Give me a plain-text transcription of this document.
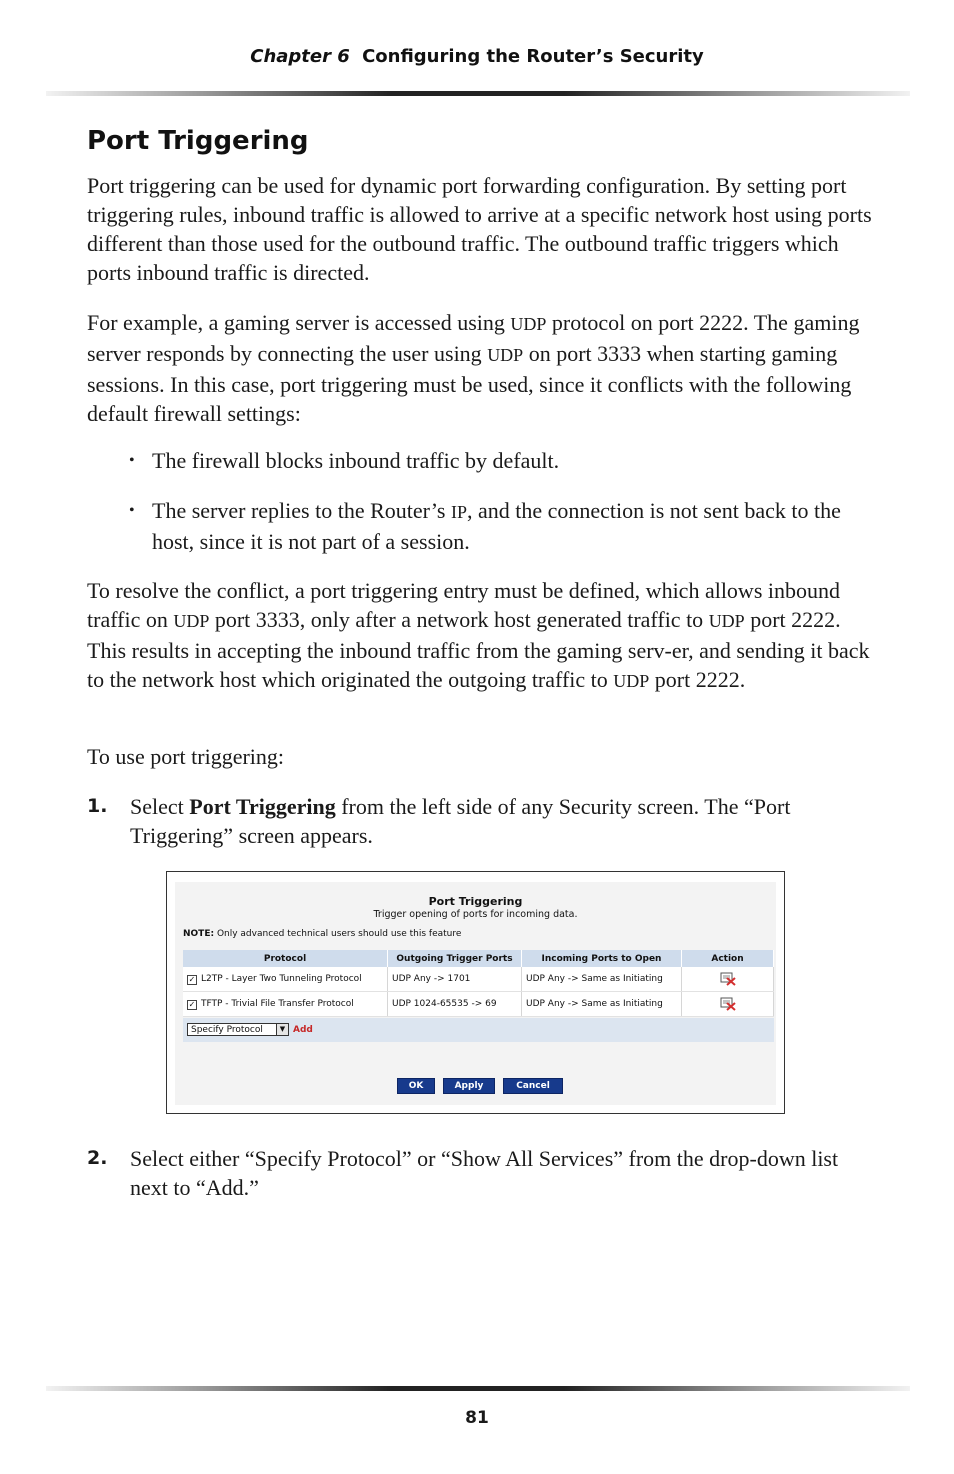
Chapter 6 Configuring the Router’s Security
Port Triggering

Port triggering can be used for dynamic port forwarding configuration. By setting port triggering rules, inbound traffic is allowed to arrive at a specific network host using ports different than those used for the outbound traffic. The outbound traffic triggers which ports inbound traffic is directed.

For example, a gaming server is accessed using UDP protocol on port 2222. The gaming server responds by connecting the user using UDP on port 3333 when starting gaming sessions. In this case, port triggering must be used, since it conflicts with the following default firewall settings:

• The firewall blocks inbound traffic by default.

• The server replies to the Router’s IP, and the connection is not sent back to the host, since it is not part of a session.

To resolve the conflict, a port triggering entry must be defined, which allows inbound traffic on UDP port 3333, only after a network host generated traffic to UDP port 2222. This results in accepting the inbound traffic from the gaming serv-er, and sending it back to the network host which originated the outgoing traffic to UDP port 2222.

To use port triggering:

1. Select Port Triggering from the left side of any Security screen. The “Port Triggering” screen appears.

Port Triggering
Trigger opening of ports for incoming data.
NOTE: Only advanced technical users should use this feature
Protocol	Outgoing Trigger Ports	Incoming Ports to Open	Action
✓ L2TP - Layer Two Tunneling Protocol	UDP Any -> 1701	UDP Any -> Same as Initiating	
✓ TFTP - Trivial File Transfer Protocol	UDP 1024-65535 -> 69	UDP Any -> Same as Initiating	
Specify Protocol	▼ Add
OK	Apply	Cancel

2. Select either “Specify Protocol” or “Show All Services” from the drop-down list next to “Add.”

81
